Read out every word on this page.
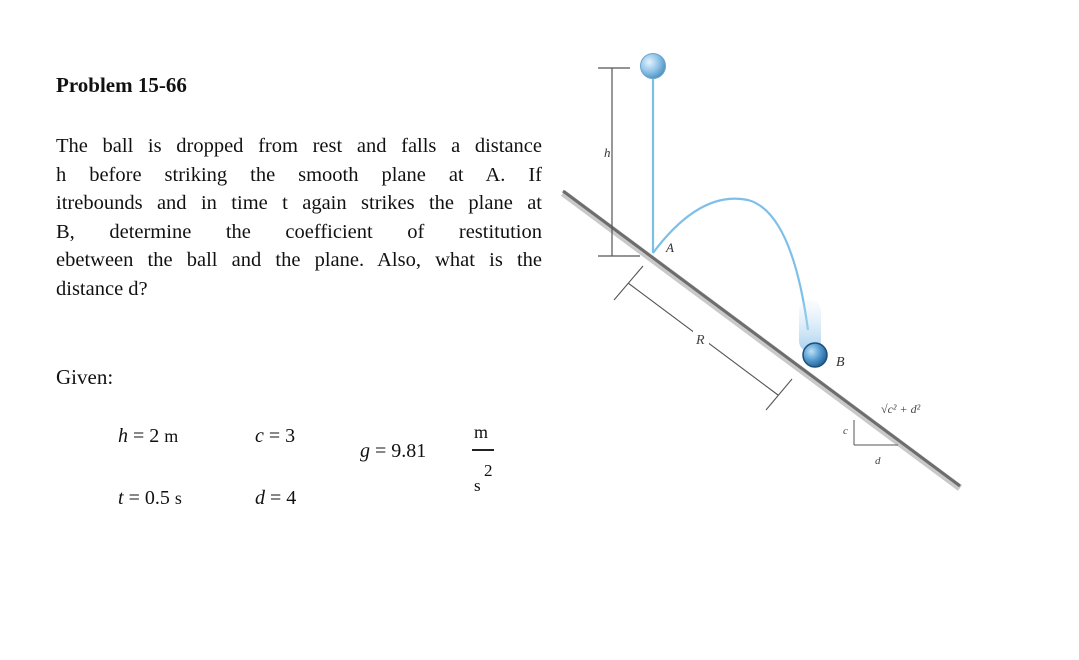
Problem 15-66
The ball is dropped from rest and falls a distance
h before striking the smooth plane at A. If
itrebounds and in time t again strikes the plane at
B, determine the coefficient of restitution
ebetween the ball and the plane. Also, what is the
distance d?
Given:
h = 2 m	c = 3
g = 9.81
m
2
s
t = 0.5 s	d = 4
h
A
B
R
c
d
√c² + d²
